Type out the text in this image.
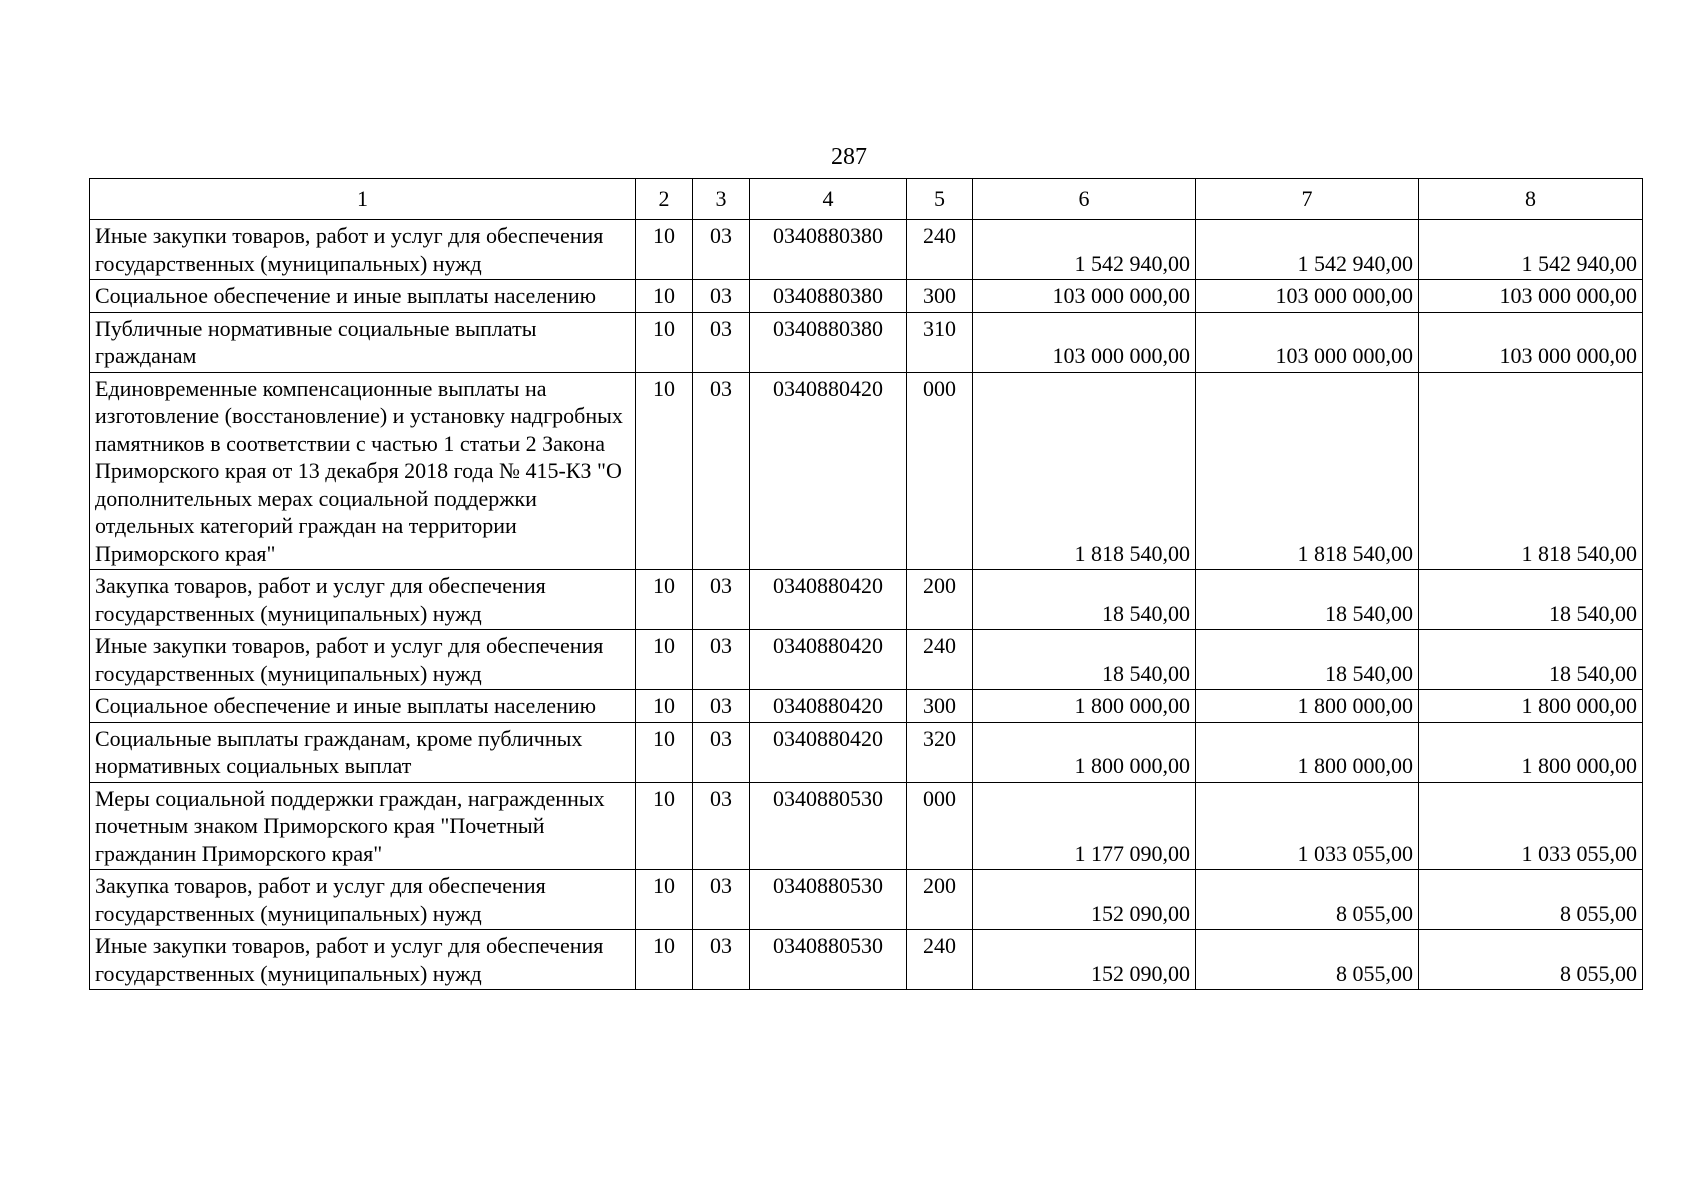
287
1	2	3	4	5	6	7	8
Иные закупки товаров, работ и услуг для обеспечения государственных (муниципальных) нужд	10	03	0340880380	240	1 542 940,00	1 542 940,00	1 542 940,00
Социальное обеспечение и иные выплаты населению	10	03	0340880380	300	103 000 000,00	103 000 000,00	103 000 000,00
Публичные нормативные социальные выплаты гражданам	10	03	0340880380	310	103 000 000,00	103 000 000,00	103 000 000,00
Единовременные компенсационные выплаты на изготовление (восстановление) и установку надгробных памятников в соответствии с частью 1 статьи 2 Закона Приморского края от 13 декабря 2018 года № 415-КЗ "О дополнительных мерах социальной поддержки отдельных категорий граждан на территории Приморского края"	10	03	0340880420	000	1 818 540,00	1 818 540,00	1 818 540,00
Закупка товаров, работ и услуг для обеспечения государственных (муниципальных) нужд	10	03	0340880420	200	18 540,00	18 540,00	18 540,00
Иные закупки товаров, работ и услуг для обеспечения государственных (муниципальных) нужд	10	03	0340880420	240	18 540,00	18 540,00	18 540,00
Социальное обеспечение и иные выплаты населению	10	03	0340880420	300	1 800 000,00	1 800 000,00	1 800 000,00
Социальные выплаты гражданам, кроме публичных нормативных социальных выплат	10	03	0340880420	320	1 800 000,00	1 800 000,00	1 800 000,00
Меры социальной поддержки граждан, награжденных почетным знаком Приморского края "Почетный гражданин Приморского края"	10	03	0340880530	000	1 177 090,00	1 033 055,00	1 033 055,00
Закупка товаров, работ и услуг для обеспечения государственных (муниципальных) нужд	10	03	0340880530	200	152 090,00	8 055,00	8 055,00
Иные закупки товаров, работ и услуг для обеспечения государственных (муниципальных) нужд	10	03	0340880530	240	152 090,00	8 055,00	8 055,00
